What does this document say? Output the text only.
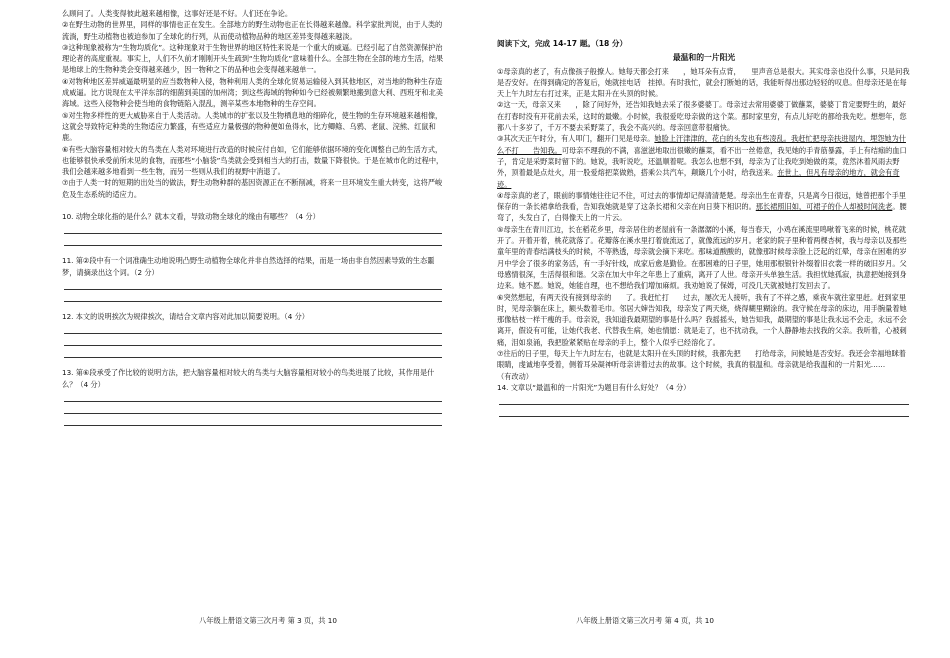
么顾问了。人类变得彼此越来越相像，这事好还是不好。人们还在争论。

②在野生动物的世界里，同样的事情也正在发生。全部地方的野生动物也正在长得越来越像。科学家批判说，由于人类的流淌，野生动植物也被迫参加了全球化的行列，从而使动植物品种的地区差异变得越来越淡。

③这种现象被称为“生物均质化”。这种现象对于生物世界的地区特性来说是一个重大的威逼。已经引起了自然资源保护治理论者的高度重视。事实上，人们不久前才刚刚开头生疏到“生物均质化”意味着什么。全部生物在全部的地方生活，结果是地球上的生物种类会变得越来越少，因一物种之下的品种也会变得越来越单一。

④对物种地区差异威逼最明显的应当数物种入侵，物种利用人类的全球化贸易运输侵入到其他地区，对当地的物种生存造成威逼。比方说现在太平洋东部的细菌到美国的加州湾；到这些海域的物种如今已经被频繁地搬到意大利、西班牙和北美海域。这些入侵物种会使当地的食物链陷入混乱，测辛某些本地物种的生存空间。

⑤对生物多样性的更大威胁来自于人类活动。人类城市的扩张以及生物栖息地的细碎化，使生物的生存环境越来越相像，这就会导致特定种类的生物适应力繁盛，有些适应力量极强的物种便如鱼得水，比方鲫鲦、乌鸦、老鼠、浣熊、红鼠和鹿。

⑥有些大脑容量相对较大的鸟类在人类对环境进行改造的时候应付自如，它们能够依据环境的变化调整自己的生活方式，也能够很快承受前所未见的食物，而那些“小脑袋”鸟类就会受到相当大的打击，数量下降很快。于是在城市化的过程中，我们会越来越多地看到一些生物，而另一些则从我们的视野中消退了。

⑦由于人类一时的短期的出处当的做法，野生动物种群的基因资源正在不断削减，将来一旦环境发生重大转变，这将严峻危及生态系统的适应力。

10. 动物全球化指的是什么？就本文看，导致动物全球化的缘由有哪些？（4 分）

11. 第②段中有一个词准确生动地说明凸野生动植物全球化并非自然选择的结果，而是一场由非自然因素导致的生态噩梦，请摘录出这个词。（2 分）

12. 本文的说明挨次为规律挨次，请结合文章内容对此加以简要说明。（4 分）

13. 第⑥段承受了作比较的说明方法，把大脑容量相对较大的鸟类与大脑容量相对较小的鸟类进展了比较，其作用是什么？（4 分）

八年级上册语文第三次月考 第 3 页，共 10

阅读下文，完成 14-17 题。（18 分）

最温和的一片阳光

①母亲真的老了，有点像孩子般撩人。她每天都会打来　　，她耳朵有点背，　　里声音总是很大。其实母亲也没什么事，只是问我是否安好。在得到确定的答复后，她就挂电话　挂掉。有时我忙，就会打断她的话，我能听得出那边轻轻的叹息。但母亲还是在每天上午九时左右打过来，正是太阳升在头顶的时候。

②这一天，母亲又来　　，除了问好外，还告知我她去采了很多婆婆丁。母亲过去常用婆婆丁做蘸菜，婆婆丁肯定要野生的，最好在打春时没有开花前去采，这时的最嫩。小时候，我很爱吃母亲做的这个菜。那时家里穷，有点儿好吃的都给我先吃。想想年，您都八十多岁了，千万不要去采野菜了，我会不高兴的。母亲回意带很痛快。

③其次天正午时分，有人叩门，翻开门见是母亲。她脸上汗津津的，花白的头发也有些凌乱。我赶忙把母亲扶进屋内，埋怨她为什么不打　　告知我。可母亲不理我的不满，喜滋滋地取出很嫩的蘸菜，看不出一丝倦意，我见她的手青筋暴露，手上有结痂的血口子，肯定是采野菜时留下的。她说，我听说吃，还温顺着呢。我怎么也想不到，母亲为了让我吃到她做的菜，竟然沐着风雨去野外，顶着最是点灶火，用一股爱熔把菜做熟，搭乘公共汽车，颠簸几个小时，给我送来。在世上，但凡有母亲的地方，就会有奇迹。

④母亲真的老了，眼前的事情她往往记不住，可过去的事情却记得清清楚楚。母亲出生在青春，只是离今日很远，她曾把那个手里保存的一条长裙拿给我看，告知我她就是穿了这条长裙和父亲在向日葵下相识的。那长裙照旧如，可裙子的仆人却被时间洗老。腰弯了，头发白了，白得像天上的一片云。

⑤母亲生在青川江边，长在稻花乡里，母亲居住的老屋前有一条潺潺的小溪，每当春天，小鸡在溪流里鸣啾着飞来的时候，桃花就开了。开着开着，桃花就落了。花瓣落在溪水里打着旋流远了，就像流远的岁月。老家的院子里种着两棵杏树，我与母亲以及那些童年里的青春结满枝头的时候，不等熟透，母亲就会摘下来吃。那味道酸酸的，就像那时候母亲脸上泛起的红晕，母亲在困难的岁月中学会了很多的家务活，有一手好针线，成家后愈是勤俭。在那困难的日子里，她用那根银针补缀着旧衣裳一样的破旧岁月。父母感情很深，生活得很和谐。父亲在加大中年之年患上了重病，离开了人世。母亲开头单独生活。我担忧她孤寂，执意把她接到身边来。她不愿。她说，她能自理，也不想给我们增加麻烦。我劝她说了保姆，可没几天就被她打发回去了。

⑥突然想起，有两天没有接到母亲的　　了。我赶忙打　　过去，屡次无人接听，我有了不祥之感，乘夜车就往家里赶。赶到家里时，见母亲躺在床上，额头数着毛巾。邻居大婶告知我，母亲发了两天烧，烧得糊里糊涂的。我守候在母亲的床边，用手腕量着她那像枯枝一样干瘦的手。母亲说，我知道我最期望的事是什么吗？我摇摇头，她告知我，最期望的事是让我永远不会走，永远不会离开，假设有可能，让她代我老、代替我生病，她也情愿：就是走了，也不扰动我，一个人静静地去找我的父亲。我听着，心被刺痛，泪如泉涌，我把脸紧紧贴在母亲的手上，整个人似乎已经溶化了。

⑦往后的日子里，每天上午九时左右，也就是太阳升在头顶的时候，我都先把　　打给母亲，问候她是否安好。我还会幸福地眯着眼睛，虔诚地享受着，侧着耳朵凝神听母亲讲着过去的故事。这个时候，我真的很温和。母亲就是给我温和的一片阳光……

（有改动）

14. 文章以“最温和的一片阳光”为题目有什么好处？（4 分）

八年级上册语文第三次月考 第 4 页，共 10
